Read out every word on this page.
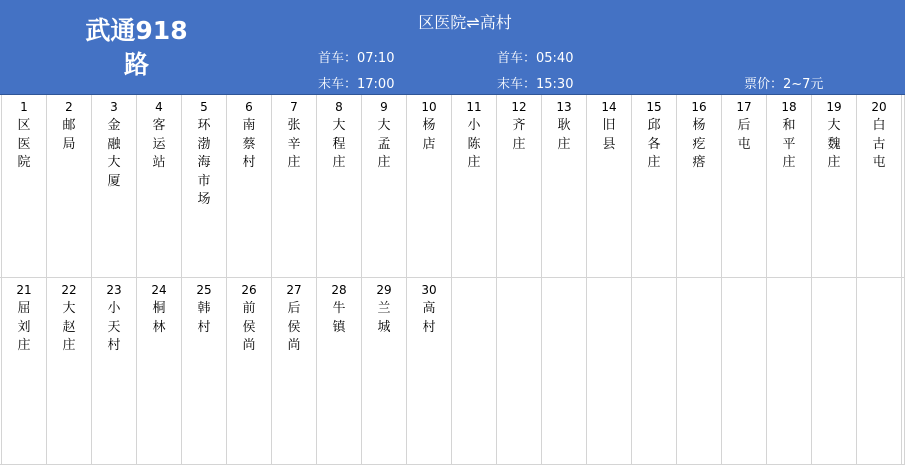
武通918
路
区医院⇌高村
首车：07:10
末车：17:00
首车：05:40
末车：15:30	票价：2~7元
1
区医院
2
邮局
3
金融大厦
4
客运站
5
环渤海市场
6
南蔡村
7
张辛庄
8
大程庄
9
大孟庄
10
杨店
11
小陈庄
12
齐庄
13
耿庄
14
旧县
15
邱各庄
16
杨疙瘩
17
后屯
18
和平庄
19
大魏庄
20
白古屯
21
屈刘庄
22
大赵庄
23
小天村
24
桐林
25
韩村
26
前侯尚
27
后侯尚
28
牛镇
29
兰城
30
高村
